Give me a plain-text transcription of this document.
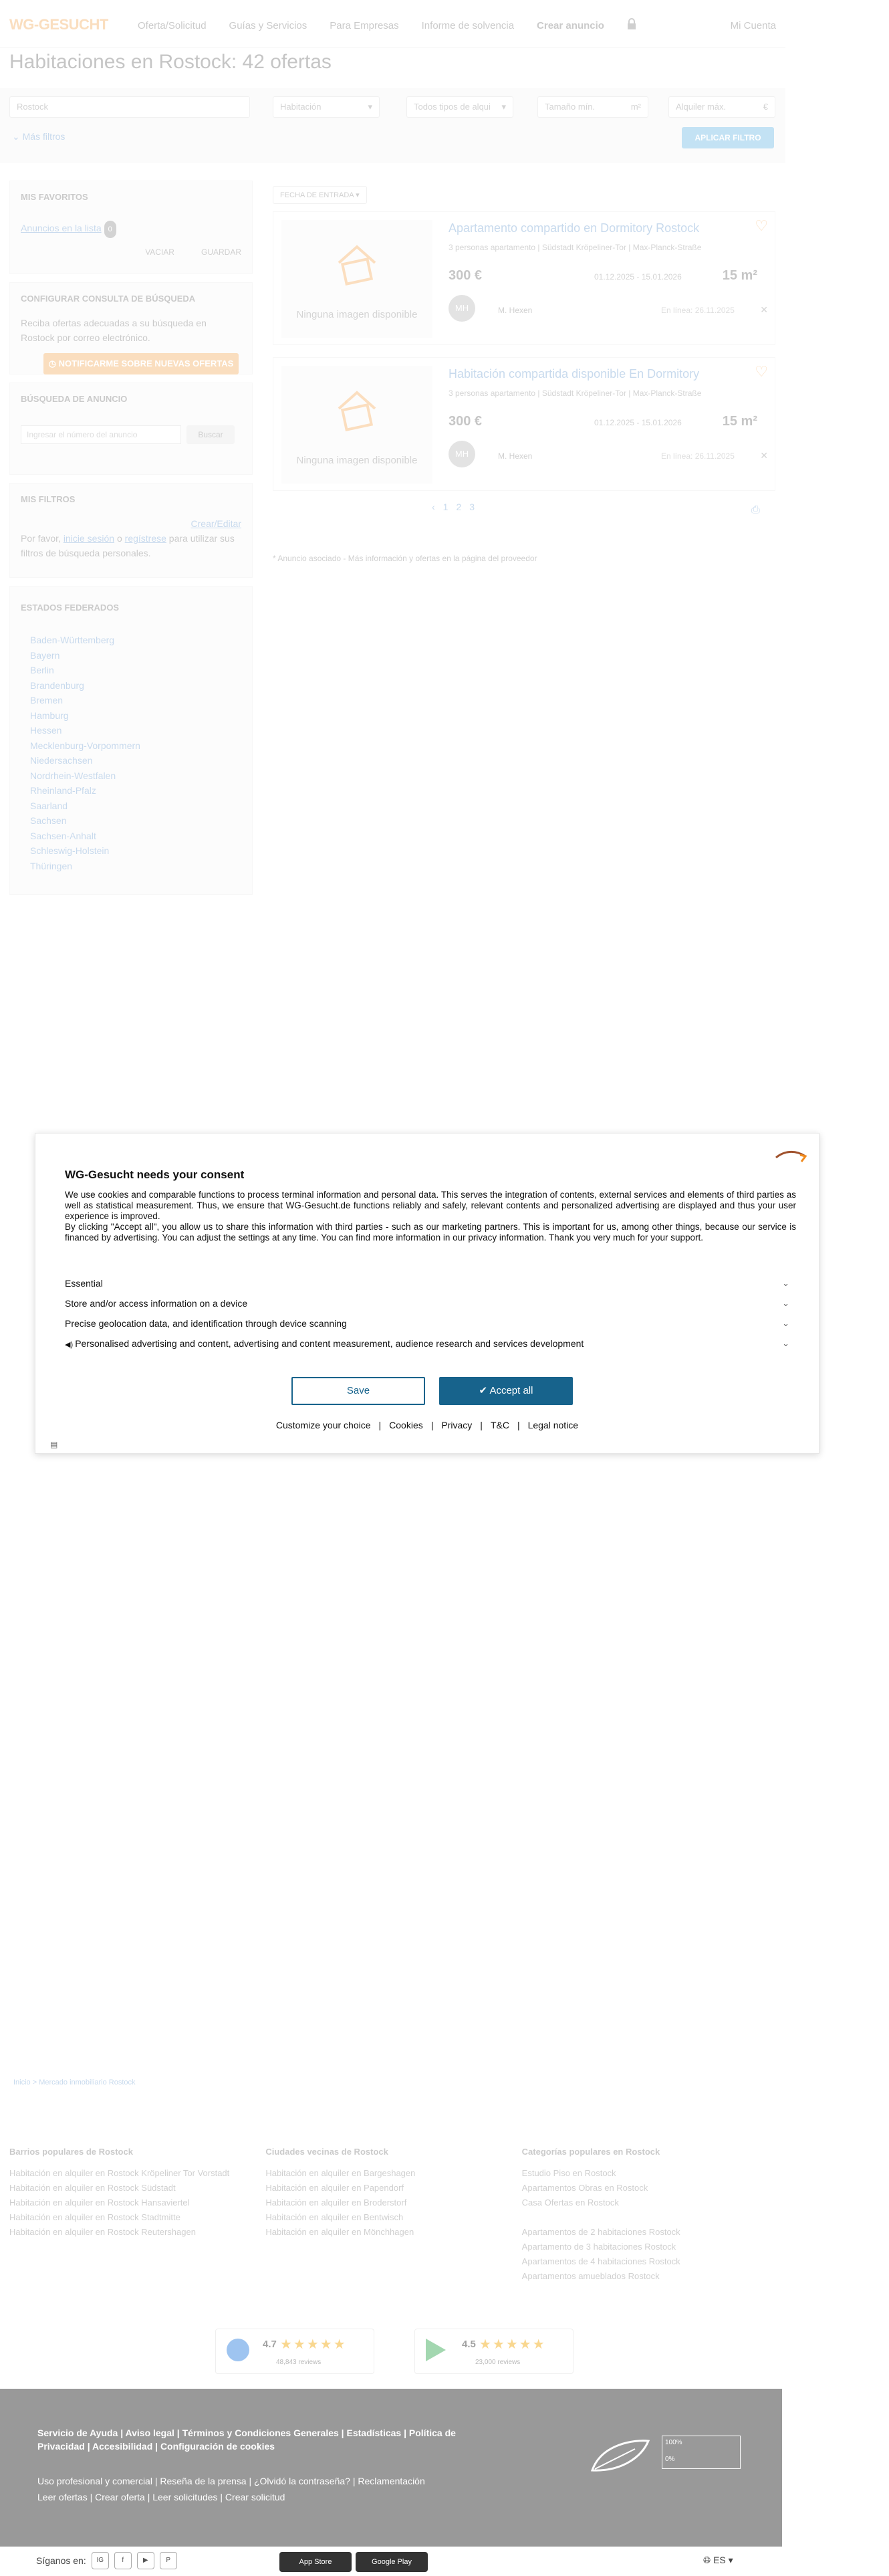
WG-GESUCHT	Oferta/Solicitud Guías y Servicios Para Empresas Informe de solvencia Crear anuncio	Mi Cuenta
Habitaciones en Rostock: 42 ofertas
Rostock	Habitación	▾	Todos tipos de alqui ▾	Tamaño mín.	m²	Alquiler máx.	€
⌄ Más filtros	APLICAR FILTRO
MIS FAVORITOS

Anuncios en la lista 0

VACIAR	GUARDAR
CONFIGURAR CONSULTA DE BÚSQUEDA

Reciba ofertas adecuadas a su búsqueda en Rostock por correo electrónico.

◷ NOTIFICARME SOBRE NUEVAS OFERTAS
BÚSQUEDA DE ANUNCIO
Ingresar el número del anuncio	Buscar
MIS FILTROS

Crear/Editar

Por favor, inicie sesión o regístrese para utilizar sus filtros de búsqueda personales.

ESTADOS FEDERADOS
Baden-Württemberg
Bayern
Berlin
Brandenburg
Bremen
Hamburg
Hessen
Mecklenburg-Vorpommern
Niedersachsen
Nordrhein-Westfalen
Rheinland-Pfalz
Saarland
Sachsen
Sachsen-Anhalt
Schleswig-Holstein
Thüringen
FECHA DE ENTRADA ▾
Ninguna imagen disponible
Apartamento compartido en Dormitory Rostock
3 personas apartamento | Südstadt Kröpeliner-Tor | Max-Planck-Straße
300 €	01.12.2025 - 15.01.2026	15 m²
MH	M. Hexen	En línea: 26.11.2025
♡
✕
Ninguna imagen disponible
Habitación compartida disponible En Dormitory
3 personas apartamento | Südstadt Kröpeliner-Tor | Max-Planck-Straße
300 €	01.12.2025 - 15.01.2026	15 m²
MH	M. Hexen	En línea: 26.11.2025
♡
✕
‹ 1 2 3	⎙
* Anuncio asociado - Más información y ofertas en la página del proveedor
Inicio > Mercado inmobiliario Rostock
Barrios populares de Rostock
Habitación en alquiler en Rostock Kröpeliner Tor Vorstadt
Habitación en alquiler en Rostock Südstadt
Habitación en alquiler en Rostock Hansaviertel
Habitación en alquiler en Rostock Stadtmitte
Habitación en alquiler en Rostock Reutershagen
Ciudades vecinas de Rostock
Habitación en alquiler en Bargeshagen
Habitación en alquiler en Papendorf
Habitación en alquiler en Broderstorf
Habitación en alquiler en Bentwisch
Habitación en alquiler en Mönchhagen
Categorías populares en Rostock
Estudio Piso en Rostock
Apartamentos Obras en Rostock
Casa Ofertas en Rostock
Apartamentos de 2 habitaciones Rostock
Apartamento de 3 habitaciones Rostock
Apartamentos de 4 habitaciones Rostock
Apartamentos amueblados Rostock
4.7 ★★★★★
48,843 reviews
4.5 ★★★★★
23,000 reviews
Servicio de Ayuda | Aviso legal | Términos y Condiciones Generales | Estadísticas | Política de
Privacidad | Accesibilidad | Configuración de cookies
Uso profesional y comercial | Reseña de la prensa | ¿Olvidó la contraseña? | Reclamentación
Leer ofertas | Crear oferta | Leer solicitudes | Crear solicitud
100%
0%
Síganos en:	IG	f	▶	P	App Store	Google Play	🌐︎ ES ▾
WG-Gesucht needs your consent

We use cookies and comparable functions to process terminal information and personal data. This serves the integration of contents, external services and elements of third parties as well as statistical measurement. Thus, we ensure that WG-Gesucht.de functions reliably and safely, relevant contents and personalized advertising are displayed and thus your user experience is improved.

By clicking "Accept all", you allow us to share this information with third parties - such as our marketing partners. This is important for us, among other things, because our service is financed by advertising. You can adjust the settings at any time. You can find more information in our privacy information. Thank you very much for your support.

Essential	⌄
Store and/or access information on a device	⌄
Precise geolocation data, and identification through device scanning	⌄
◀) Personalised advertising and content, advertising and content measurement, audience research and services development	⌄
Save	✔ Accept all
Customize your choice | Cookies | Privacy | T&C | Legal notice
▤
